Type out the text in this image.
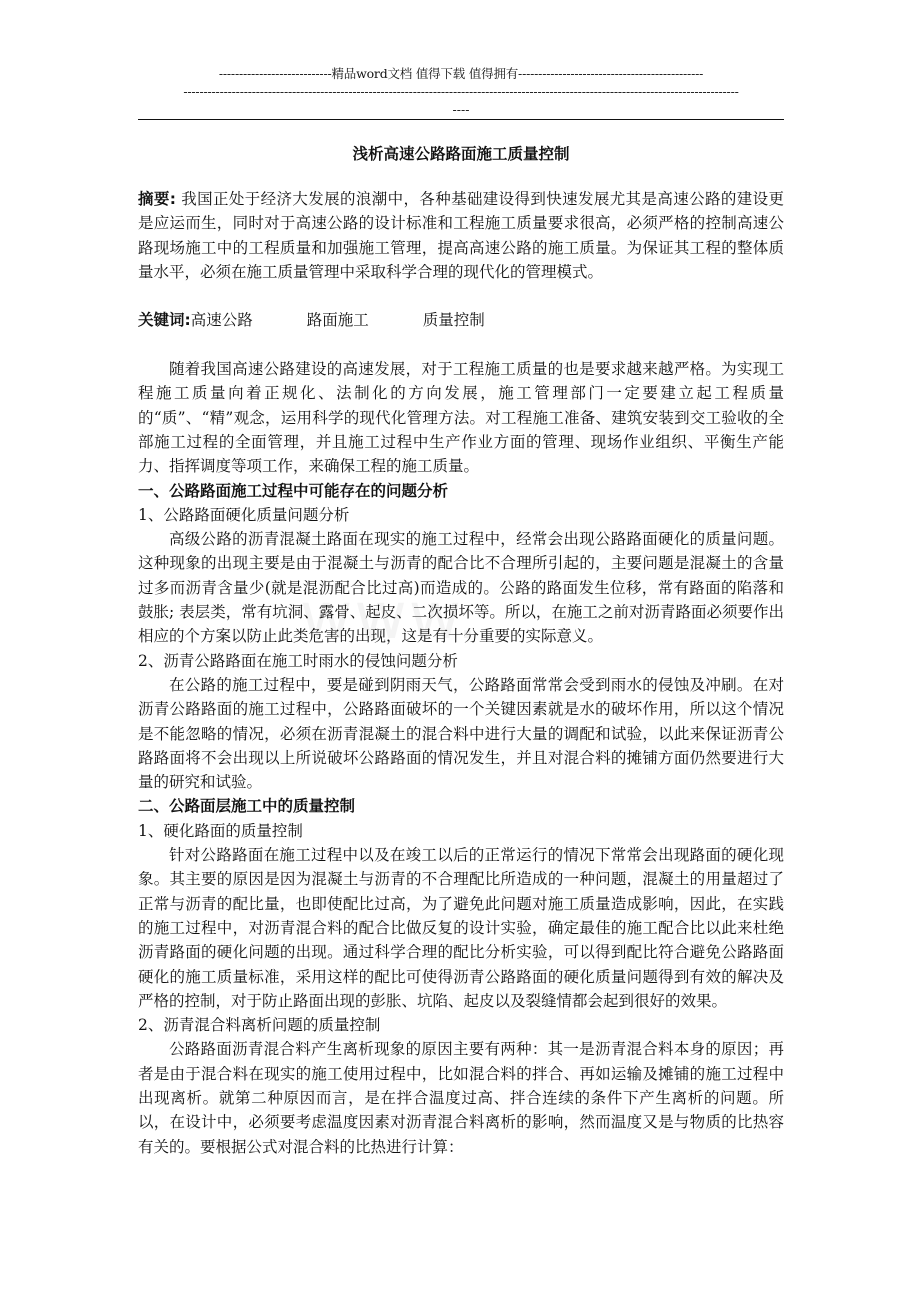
----------------------------精品word文档 值得下载 值得拥有----------------------------------------------
------------------------------------------------------------------------------------------------------------------------------------------
----
浅析高速公路路面施工质量控制

摘要: 我国正处于经济大发展的浪潮中，各种基础建设得到快速发展尤其是高速公路的建设更是应运而生，同时对于高速公路的设计标准和工程施工质量要求很高，必须严格的控制高速公路现场施工中的工程质量和加强施工管理，提高高速公路的施工质量。为保证其工程的整体质量水平，必须在施工质量管理中采取科学合理的现代化的管理模式。

关键词:高速公路	路面施工	质量控制

随着我国高速公路建设的高速发展，对于工程施工质量的也是要求越来越严格。为实现工程施工质量向着正规化、法制化的方向发展，施工管理部门一定要建立起工程质量的“质”、“精”观念，运用科学的现代化管理方法。对工程施工准备、建筑安装到交工验收的全部施工过程的全面管理，并且施工过程中生产作业方面的管理、现场作业组织、平衡生产能力、指挥调度等项工作，来确保工程的施工质量。

一、公路路面施工过程中可能存在的问题分析

1、公路路面硬化质量问题分析

高级公路的沥青混凝土路面在现实的施工过程中，经常会出现公路路面硬化的质量问题。这种现象的出现主要是由于混凝土与沥青的配合比不合理所引起的，主要问题是混凝土的含量过多而沥青含量少(就是混沥配合比过高)而造成的。公路的路面发生位移，常有路面的陷落和鼓胀; 表层类，常有坑洞、露骨、起皮、二次损坏等。所以，在施工之前对沥青路面必须要作出相应的个方案以防止此类危害的出现，这是有十分重要的实际意义。

2、沥青公路路面在施工时雨水的侵蚀问题分析

在公路的施工过程中，要是碰到阴雨天气，公路路面常常会受到雨水的侵蚀及冲刷。在对沥青公路路面的施工过程中，公路路面破坏的一个关键因素就是水的破坏作用，所以这个情况是不能忽略的情况，必须在沥青混凝土的混合料中进行大量的调配和试验，以此来保证沥青公路路面将不会出现以上所说破坏公路路面的情况发生，并且对混合料的摊铺方面仍然要进行大量的研究和试验。

二、公路面层施工中的质量控制

1、硬化路面的质量控制

针对公路路面在施工过程中以及在竣工以后的正常运行的情况下常常会出现路面的硬化现象。其主要的原因是因为混凝土与沥青的不合理配比所造成的一种问题，混凝土的用量超过了正常与沥青的配比量，也即使配比过高，为了避免此问题对施工质量造成影响，因此，在实践的施工过程中，对沥青混合料的配合比做反复的设计实验，确定最佳的施工配合比以此来杜绝沥青路面的硬化问题的出现。通过科学合理的配比分析实验，可以得到配比符合避免公路路面硬化的施工质量标准，采用这样的配比可使得沥青公路路面的硬化质量问题得到有效的解决及严格的控制，对于防止路面出现的彭胀、坑陷、起皮以及裂缝情都会起到很好的效果。

2、沥青混合料离析问题的质量控制

公路路面沥青混合料产生离析现象的原因主要有两种：其一是沥青混合料本身的原因；再者是由于混合料在现实的施工使用过程中，比如混合料的拌合、再如运输及摊铺的施工过程中出现离析。就第二种原因而言，是在拌合温度过高、拌合连续的条件下产生离析的问题。所以，在设计中，必须要考虑温度因素对沥青混合料离析的影响，然而温度又是与物质的比热容有关的。要根据公式对混合料的比热进行计算：
